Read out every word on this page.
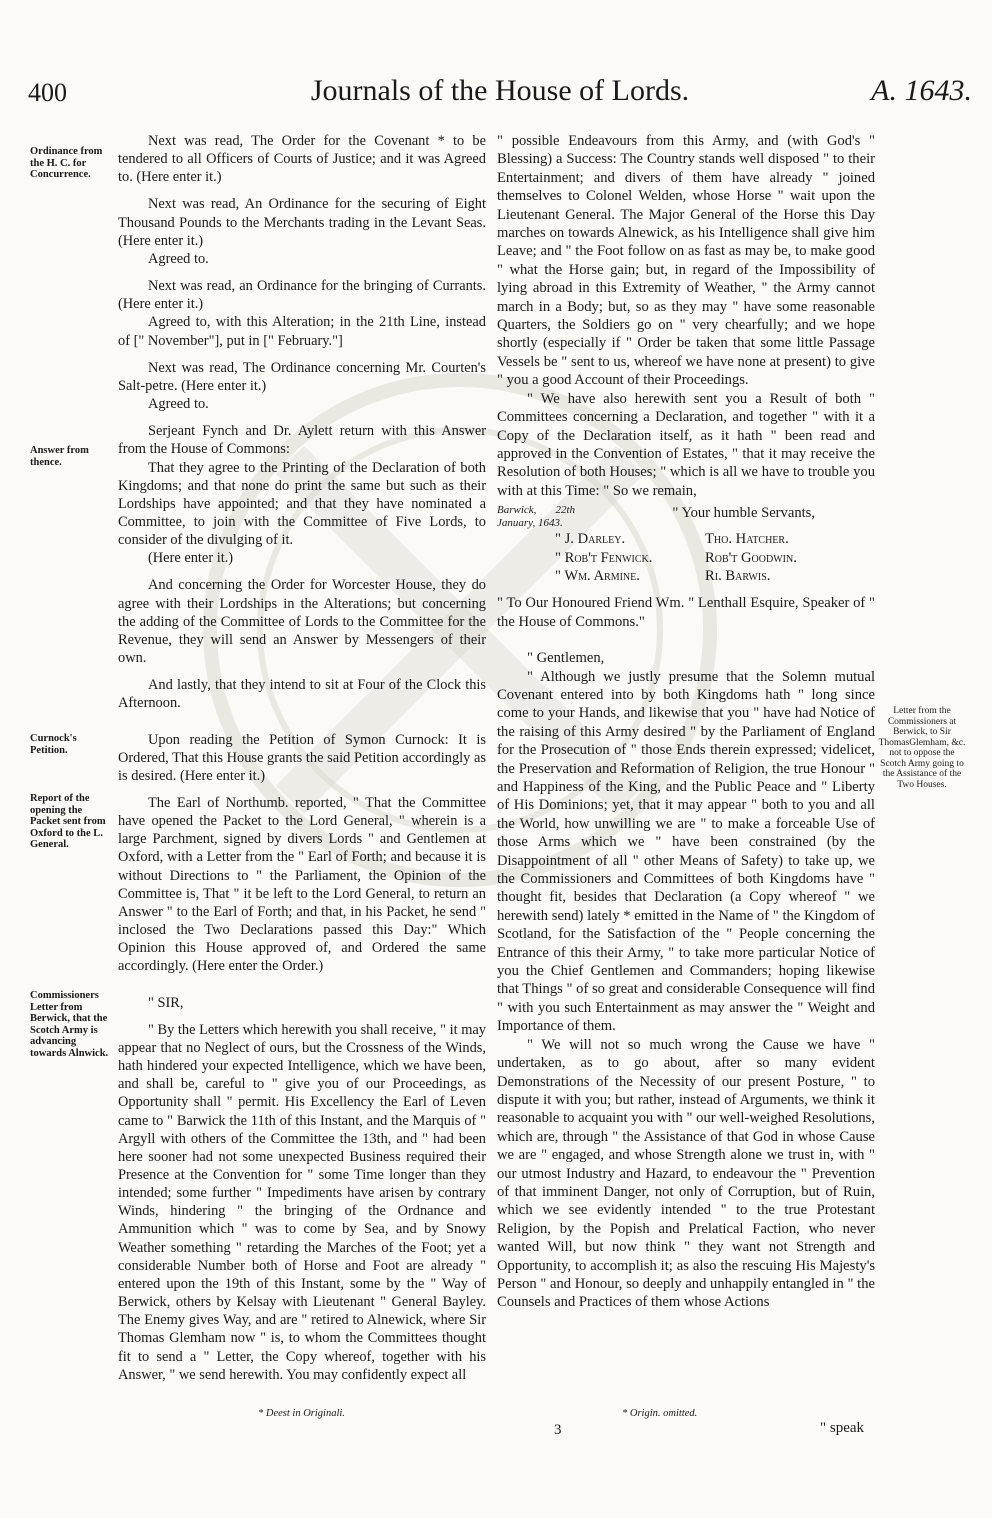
400	Journals of the House of Lords.	A. 1643.
Ordinance from the H. C. for Concurrence.
Answer from thence.
Curnock's Petition.
Report of the opening the Packet sent from Oxford to the L. General.
Commissioners Letter from Berwick, that the Scotch Army is advancing towards Alnwick.
Letter from the Commissioners at Berwick, to Sir ThomasGlemham, &c. not to oppose the Scotch Army going to the Assistance of the Two Houses.

Next was read, The Order for the Covenant * to be tendered to all Officers of Courts of Justice; and it was Agreed to. (Here enter it.)

Next was read, An Ordinance for the securing of Eight Thousand Pounds to the Merchants trading in the Levant Seas. (Here enter it.)

Agreed to.

Next was read, an Ordinance for the bringing of Currants. (Here enter it.)

Agreed to, with this Alteration; in the 21th Line, instead of [" November"], put in [" February."]

Next was read, The Ordinance concerning Mr. Courten's Salt-petre. (Here enter it.)

Agreed to.

Serjeant Fynch and Dr. Aylett return with this Answer from the House of Commons:

That they agree to the Printing of the Declaration of both Kingdoms; and that none do print the same but such as their Lordships have appointed; and that they have nominated a Committee, to join with the Committee of Five Lords, to consider of the divulging of it.

(Here enter it.)

And concerning the Order for Worcester House, they do agree with their Lordships in the Alterations; but concerning the adding of the Committee of Lords to the Committee for the Revenue, they will send an Answer by Messengers of their own.

And lastly, that they intend to sit at Four of the Clock this Afternoon.

Upon reading the Petition of Symon Curnock: It is Ordered, That this House grants the said Petition accordingly as is desired. (Here enter it.)

The Earl of Northumb. reported, " That the Committee have opened the Packet to the Lord General, " wherein is a large Parchment, signed by divers Lords " and Gentlemen at Oxford, with a Letter from the " Earl of Forth; and because it is without Directions to " the Parliament, the Opinion of the Committee is, That " it be left to the Lord General, to return an Answer " to the Earl of Forth; and that, in his Packet, he send " inclosed the Two Declarations passed this Day:" Which Opinion this House approved of, and Ordered the same accordingly. (Here enter the Order.)

" SIR,

" By the Letters which herewith you shall receive, " it may appear that no Neglect of ours, but the Crossness of the Winds, hath hindered your expected Intelligence, which we have been, and shall be, careful to " give you of our Proceedings, as Opportunity shall " permit. His Excellency the Earl of Leven came to " Barwick the 11th of this Instant, and the Marquis of " Argyll with others of the Committee the 13th, and " had been here sooner had not some unexpected Business required their Presence at the Convention for " some Time longer than they intended; some further " Impediments have arisen by contrary Winds, hindering " the bringing of the Ordnance and Ammunition which " was to come by Sea, and by Snowy Weather something " retarding the Marches of the Foot; yet a considerable Number both of Horse and Foot are already " entered upon the 19th of this Instant, some by the " Way of Berwick, others by Kelsay with Lieutenant " General Bayley. The Enemy gives Way, and are " retired to Alnewick, where Sir Thomas Glemham now " is, to whom the Committees thought fit to send a " Letter, the Copy whereof, together with his Answer, " we send herewith. You may confidently expect all

" possible Endeavours from this Army, and (with God's " Blessing) a Success: The Country stands well disposed " to their Entertainment; and divers of them have already " joined themselves to Colonel Welden, whose Horse " wait upon the Lieutenant General. The Major General of the Horse this Day marches on towards Alnewick, as his Intelligence shall give him Leave; and " the Foot follow on as fast as may be, to make good " what the Horse gain; but, in regard of the Impossibility of lying abroad in this Extremity of Weather, " the Army cannot march in a Body; but, so as they may " have some reasonable Quarters, the Soldiers go on " very chearfully; and we hope shortly (especially if " Order be taken that some little Passage Vessels be " sent to us, whereof we have none at present) to give " you a good Account of their Proceedings.

" We have also herewith sent you a Result of both " Committees concerning a Declaration, and together " with it a Copy of the Declaration itself, as it hath " been read and approved in the Convention of Estates, " that it may receive the Resolution of both Houses; " which is all we have to trouble you with at this Time: " So we remain,

Barwick, 22th January, 1643.

" Your humble Servants,

" J. Darley.	Tho. Hatcher.
" Rob't Fenwick.	Rob't Goodwin.
" Wm. Armine.	Ri. Barwis.

" To Our Honoured Friend Wm. " Lenthall Esquire, Speaker of " the House of Commons."

" Gentlemen,

" Although we justly presume that the Solemn mutual Covenant entered into by both Kingdoms hath " long since come to your Hands, and likewise that you " have had Notice of the raising of this Army desired " by the Parliament of England for the Prosecution of " those Ends therein expressed; videlicet, the Preservation and Reformation of Religion, the true Honour " and Happiness of the King, and the Public Peace and " Liberty of His Dominions; yet, that it may appear " both to you and all the World, how unwilling we are " to make a forceable Use of those Arms which we " have been constrained (by the Disappointment of all " other Means of Safety) to take up, we the Commissioners and Committees of both Kingdoms have " thought fit, besides that Declaration (a Copy whereof " we herewith send) lately * emitted in the Name of " the Kingdom of Scotland, for the Satisfaction of the " People concerning the Entrance of this their Army, " to take more particular Notice of you the Chief Gentlemen and Commanders; hoping likewise that Things " of so great and considerable Consequence will find " with you such Entertainment as may answer the " Weight and Importance of them.

" We will not so much wrong the Cause we have " undertaken, as to go about, after so many evident Demonstrations of the Necessity of our present Posture, " to dispute it with you; but rather, instead of Arguments, we think it reasonable to acquaint you with " our well-weighed Resolutions, which are, through " the Assistance of that God in whose Cause we are " engaged, and whose Strength alone we trust in, with " our utmost Industry and Hazard, to endeavour the " Prevention of that imminent Danger, not only of Corruption, but of Ruin, which we see evidently intended " to the true Protestant Religion, by the Popish and Prelatical Faction, who never wanted Will, but now think " they want not Strength and Opportunity, to accomplish it; as also the rescuing His Majesty's Person " and Honour, so deeply and unhappily entangled in " the Counsels and Practices of them whose Actions

* Deest in Originali.	* Origin. omitted.
3	" speak
